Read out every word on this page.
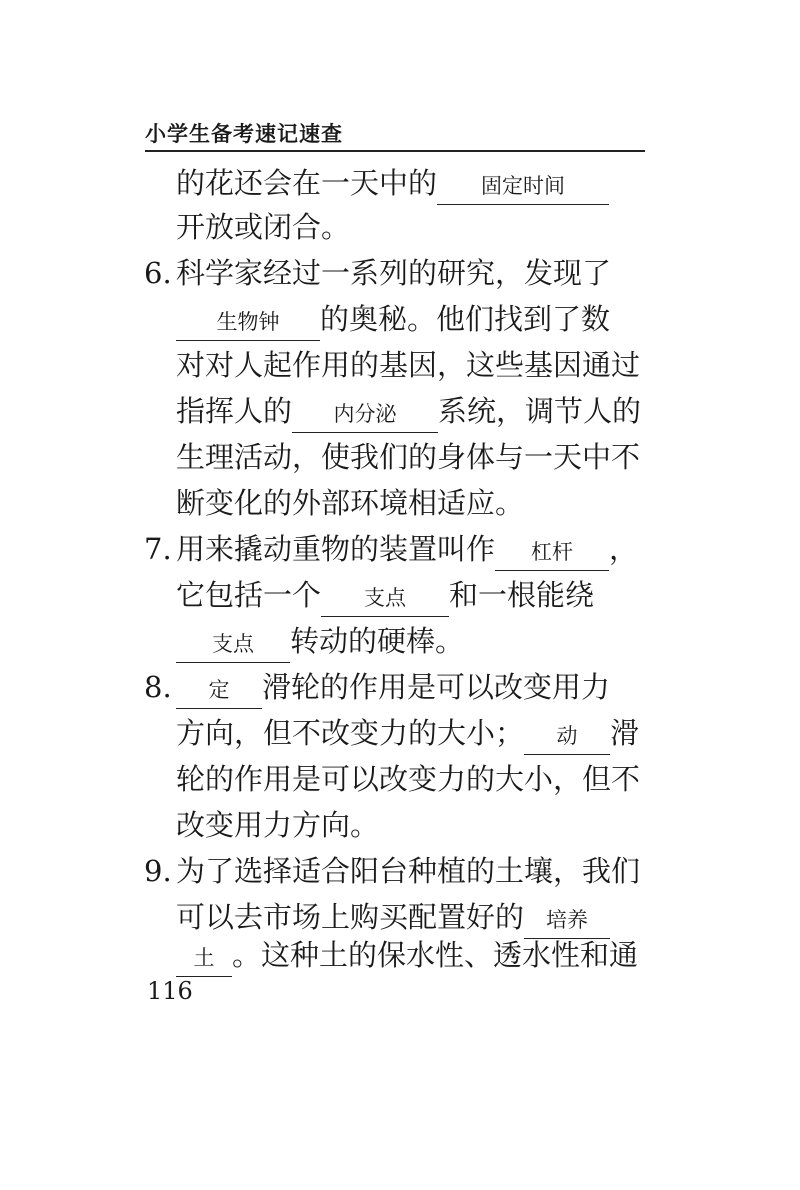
小学生备考速记速查
的花还会在一天中的 固定时间
开放或闭合。
6. 科学家经过一系列的研究，发现了
生物钟 的奥秘。他们找到了数
对对人起作用的基因，这些基因通过
指挥人的 内分泌 系统，调节人的
生理活动，使我们的身体与一天中不
断变化的外部环境相适应。
7. 用来撬动重物的装置叫作 杠杆 ，
它包括一个 支点 和一根能绕
支点 转动的硬棒。
8. 定 滑轮的作用是可以改变用力
方向，但不改变力的大小； 动 滑
轮的作用是可以改变力的大小，但不
改变用力方向。
9. 为了选择适合阳台种植的土壤，我们
可以去市场上购买配置好的 培养
土 。这种土的保水性、透水性和通
116
